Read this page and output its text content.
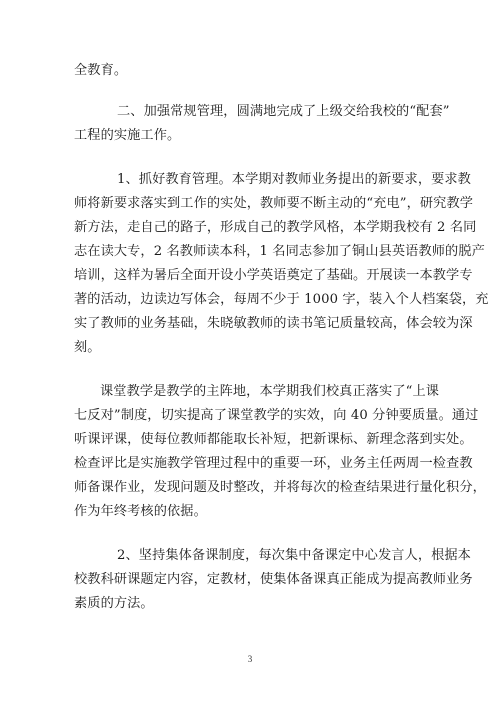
全教育。
二、加强常规管理，圆满地完成了上级交给我校的“配套”
工程的实施工作。
1、抓好教育管理。本学期对教师业务提出的新要求，要求教
师将新要求落实到工作的实处，教师要不断主动的“充电”，研究教学
新方法，走自己的路子，形成自己的教学风格，本学期我校有 2 名同
志在读大专，2 名教师读本科，1 名同志参加了铜山县英语教师的脱产
培训，这样为暑后全面开设小学英语奠定了基础。开展读一本教学专
著的活动，边读边写体会，每周不少于 1000 字，装入个人档案袋，充
实了教师的业务基础，朱晓敏教师的读书笔记质量较高，体会较为深
刻。
课堂教学是教学的主阵地，本学期我们校真正落实了“上课
七反对”制度，切实提高了课堂教学的实效，向 40 分钟要质量。通过
听课评课，使每位教师都能取长补短，把新课标、新理念落到实处。
检查评比是实施教学管理过程中的重要一环，业务主任两周一检查教
师备课作业，发现问题及时整改，并将每次的检查结果进行量化积分，
作为年终考核的依据。
2、坚持集体备课制度，每次集中备课定中心发言人，根据本
校教科研课题定内容，定教材，使集体备课真正能成为提高教师业务
素质的方法。
3
